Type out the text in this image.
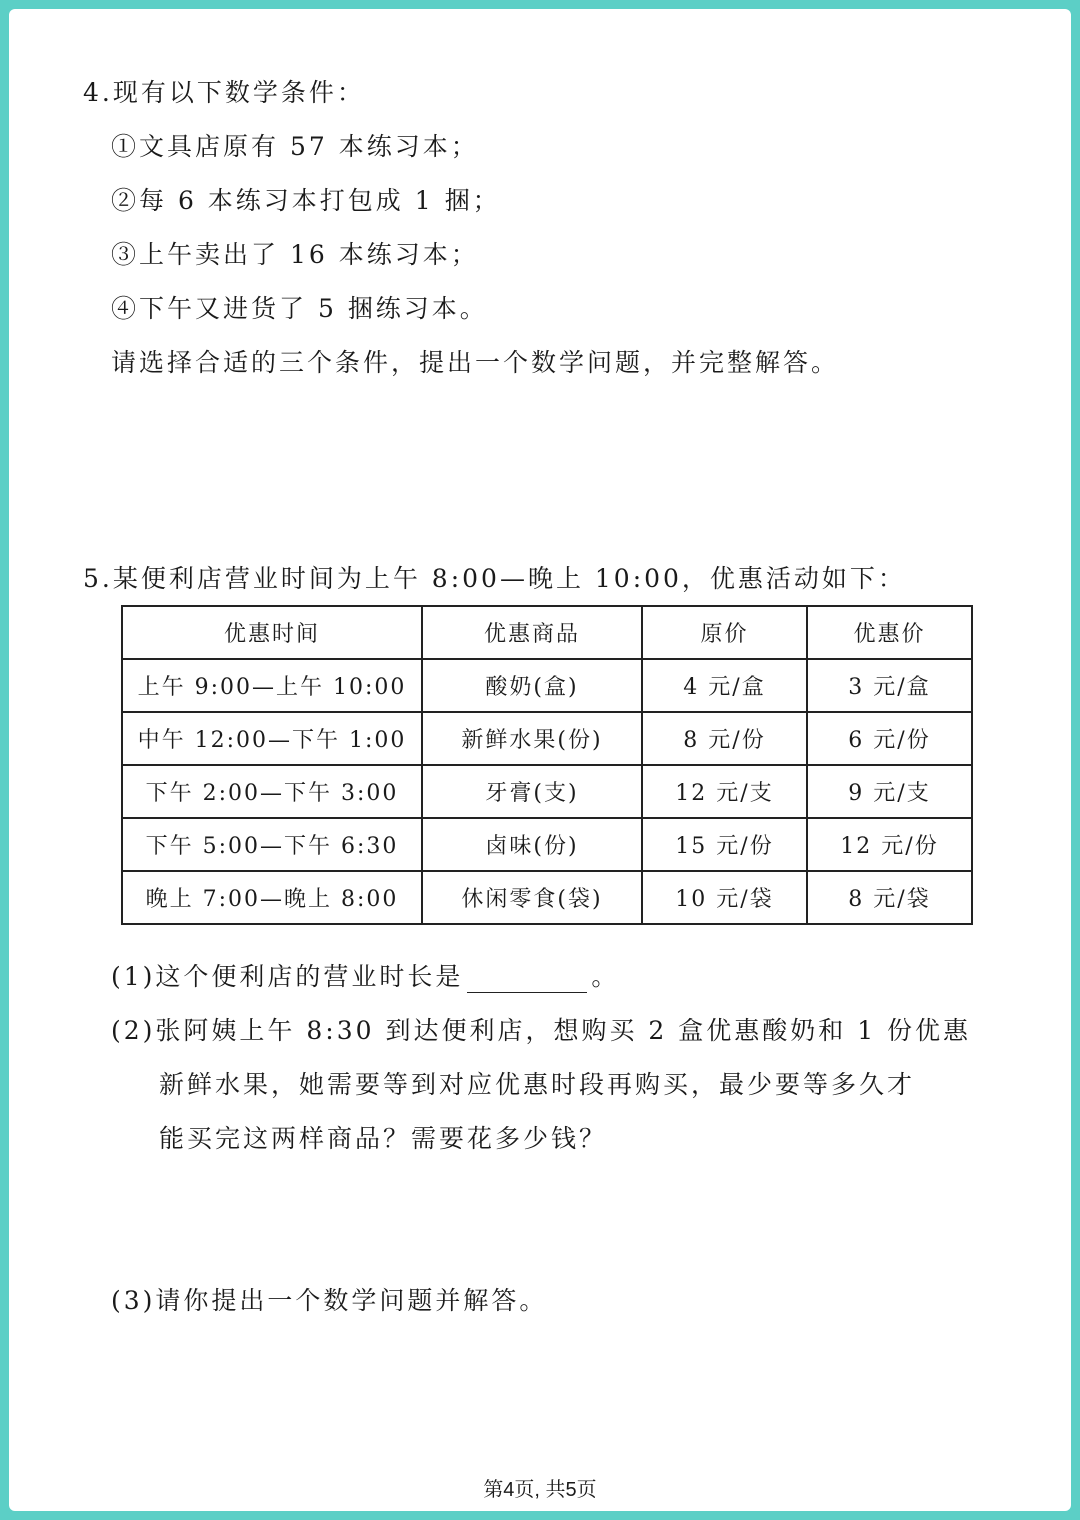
4.现有以下数学条件：
①文具店原有 57 本练习本；
②每 6 本练习本打包成 1 捆；
③上午卖出了 16 本练习本；
④下午又进货了 5 捆练习本。
请选择合适的三个条件，提出一个数学问题，并完整解答。
5.某便利店营业时间为上午 8:00—晚上 10:00，优惠活动如下：
优惠时间	优惠商品	原价	优惠价
上午 9:00—上午 10:00	酸奶(盒)	4 元/盒	3 元/盒
中午 12:00—下午 1:00	新鲜水果(份)	8 元/份	6 元/份
下午 2:00—下午 3:00	牙膏(支)	12 元/支	9 元/支
下午 5:00—下午 6:30	卤味(份)	15 元/份	12 元/份
晚上 7:00—晚上 8:00	休闲零食(袋)	10 元/袋	8 元/袋
(1)这个便利店的营业时长是	。
(2)张阿姨上午 8:30 到达便利店，想购买 2 盒优惠酸奶和 1 份优惠
新鲜水果，她需要等到对应优惠时段再购买，最少要等多久才
能买完这两样商品？需要花多少钱？
(3)请你提出一个数学问题并解答。
第4页, 共5页
